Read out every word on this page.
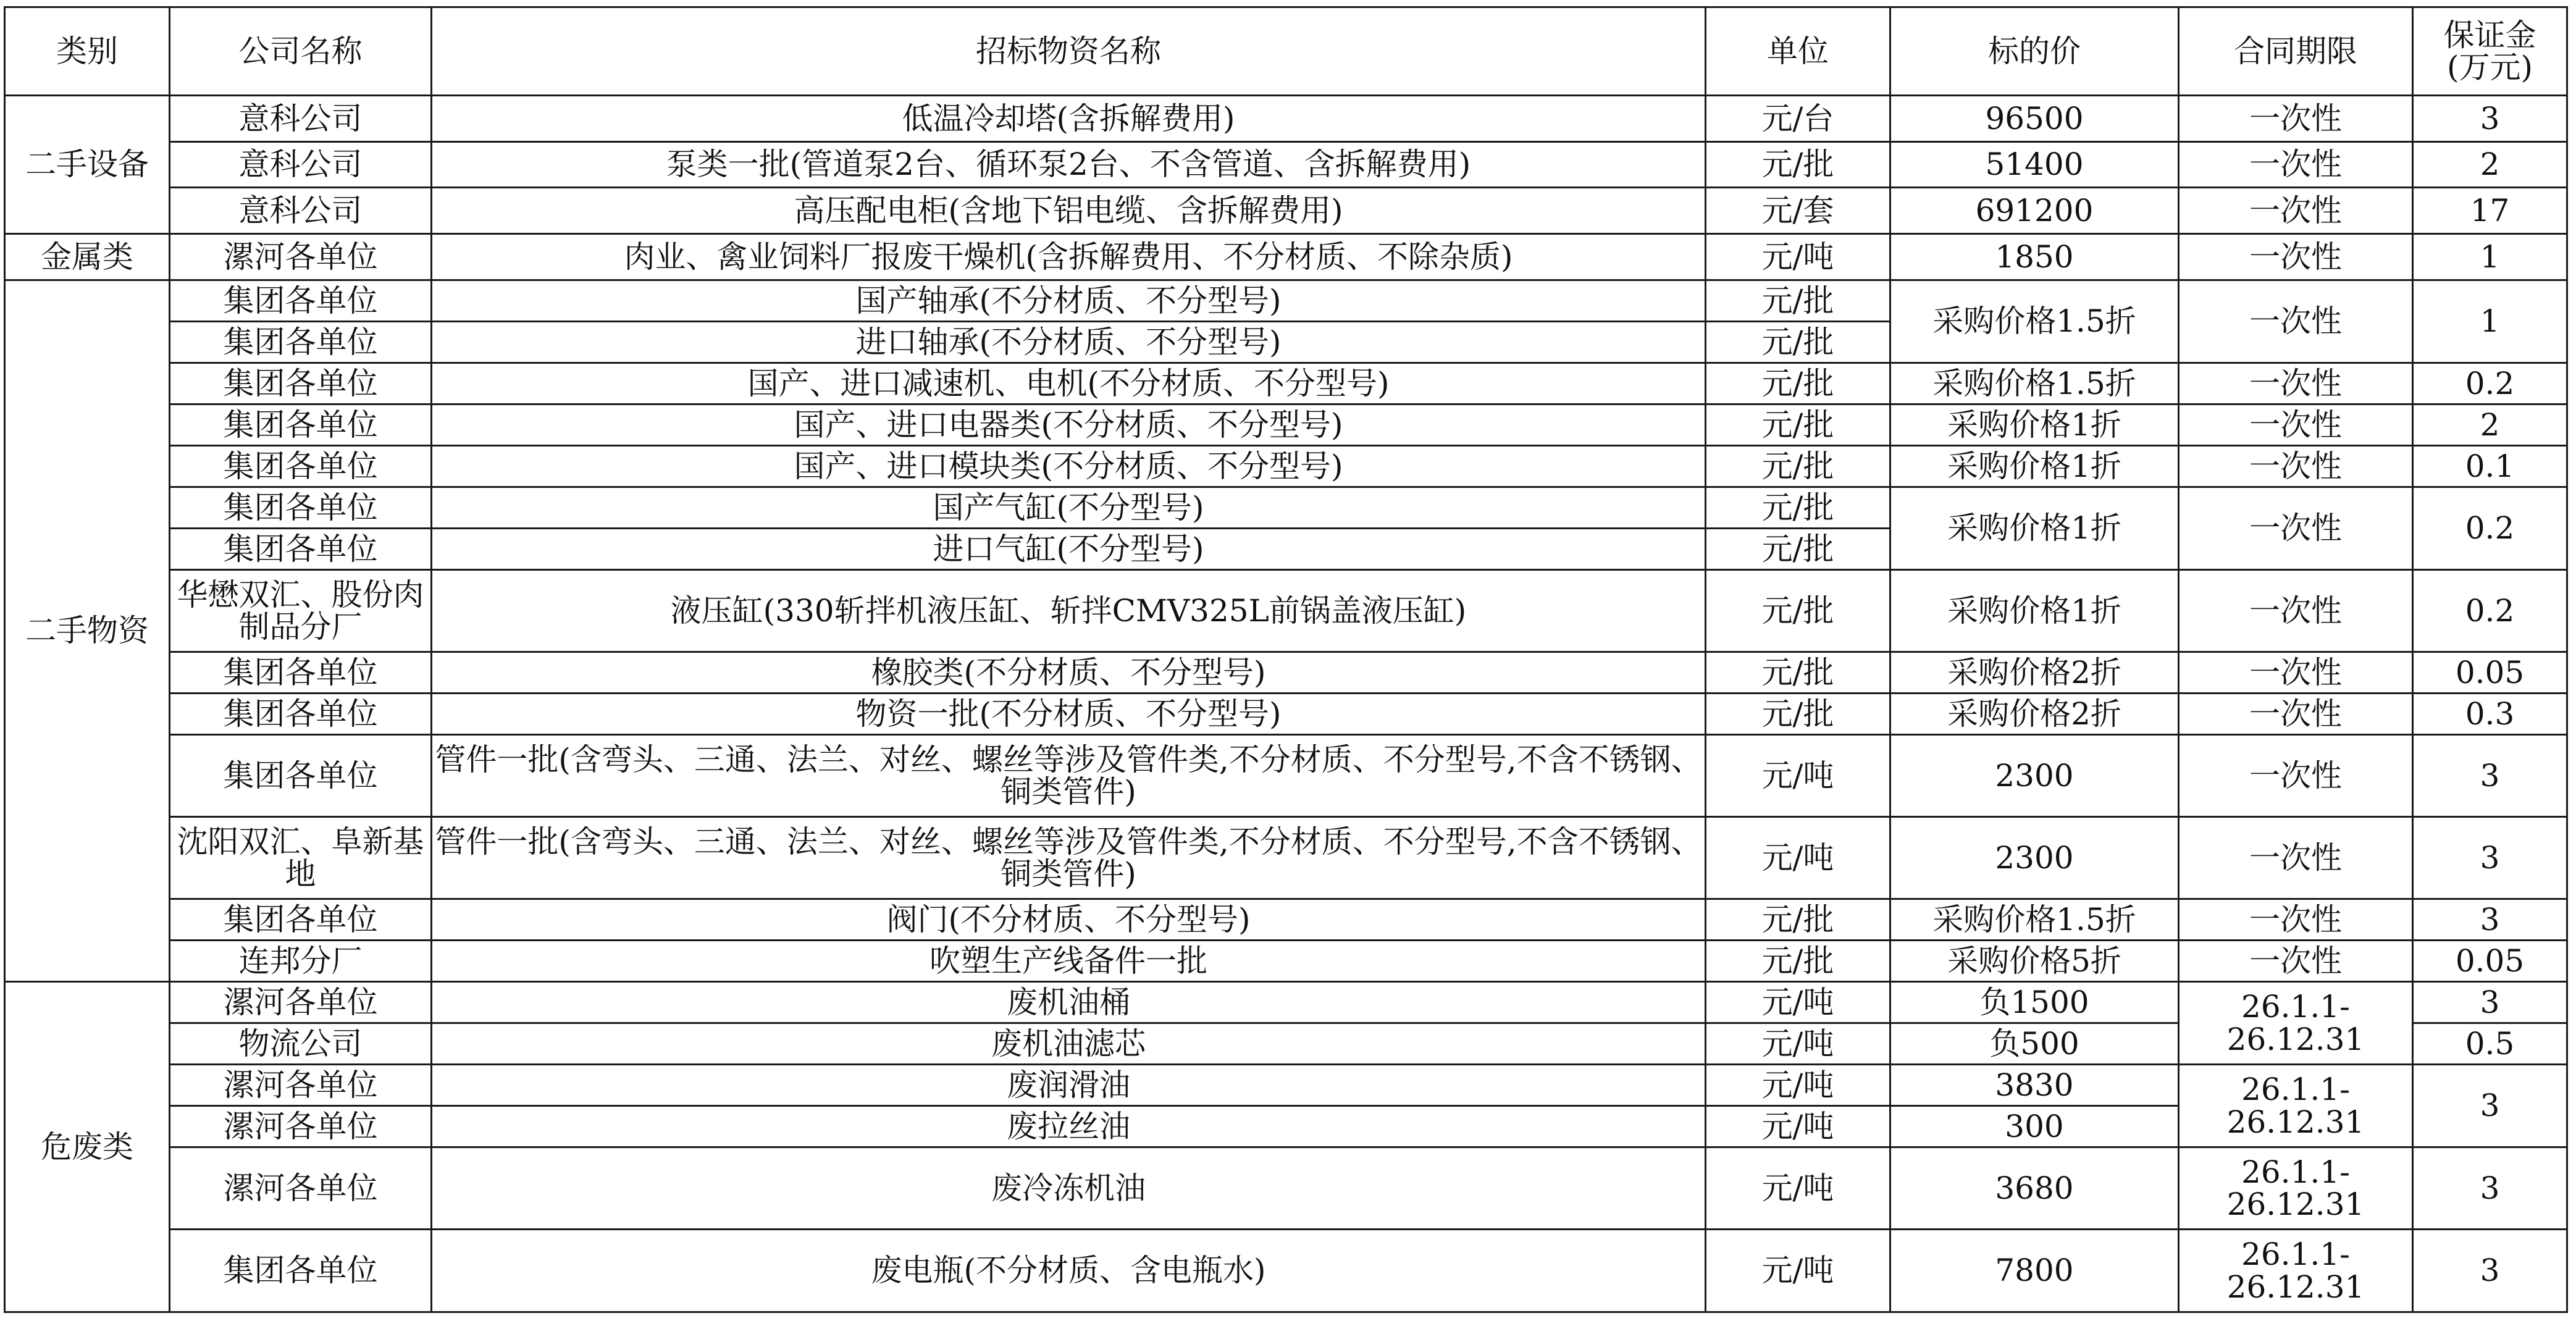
类别	公司名称	招标物资名称	单位	标的价	合同期限	保证金
(万元)
二手设备	意科公司	低温冷却塔(含拆解费用)	元/台	96500	一次性	3
	意科公司	泵类一批(管道泵2台、循环泵2台、不含管道、含拆解费用)	元/批	51400	一次性	2
	意科公司	高压配电柜(含地下铝电缆、含拆解费用)	元/套	691200	一次性	17
金属类	漯河各单位	肉业、禽业饲料厂报废干燥机(含拆解费用、不分材质、不除杂质)	元/吨	1850	一次性	1
二手物资	集团各单位	国产轴承(不分材质、不分型号)	元/批	采购价格1.5折	一次性	1
	集团各单位	进口轴承(不分材质、不分型号)	元/批			
	集团各单位	国产、进口减速机、电机(不分材质、不分型号)	元/批	采购价格1.5折	一次性	0.2
	集团各单位	国产、进口电器类(不分材质、不分型号)	元/批	采购价格1折	一次性	2
	集团各单位	国产、进口模块类(不分材质、不分型号)	元/批	采购价格1折	一次性	0.1
	集团各单位	国产气缸(不分型号)	元/批	采购价格1折	一次性	0.2
	集团各单位	进口气缸(不分型号)	元/批			
	华懋双汇、股份肉制品分厂	液压缸(330斩拌机液压缸、斩拌CMV325L前锅盖液压缸)	元/批	采购价格1折	一次性	0.2
	集团各单位	橡胶类(不分材质、不分型号)	元/批	采购价格2折	一次性	0.05
	集团各单位	物资一批(不分材质、不分型号)	元/批	采购价格2折	一次性	0.3
	集团各单位	管件一批(含弯头、三通、法兰、对丝、螺丝等涉及管件类,不分材质、不分型号,不含不锈钢、铜类管件)	元/吨	2300	一次性	3
	沈阳双汇、阜新基地	管件一批(含弯头、三通、法兰、对丝、螺丝等涉及管件类,不分材质、不分型号,不含不锈钢、铜类管件)	元/吨	2300	一次性	3
	集团各单位	阀门(不分材质、不分型号)	元/批	采购价格1.5折	一次性	3
	连邦分厂	吹塑生产线备件一批	元/批	采购价格5折	一次性	0.05
危废类	漯河各单位	废机油桶	元/吨	负1500	26.1.1-26.12.31	3
	物流公司	废机油滤芯	元/吨	负500		0.5
	漯河各单位	废润滑油	元/吨	3830	26.1.1-26.12.31	3
	漯河各单位	废拉丝油	元/吨	300		
	漯河各单位	废冷冻机油	元/吨	3680	26.1.1-26.12.31	3
	集团各单位	废电瓶(不分材质、含电瓶水)	元/吨	7800	26.1.1-26.12.31	3
